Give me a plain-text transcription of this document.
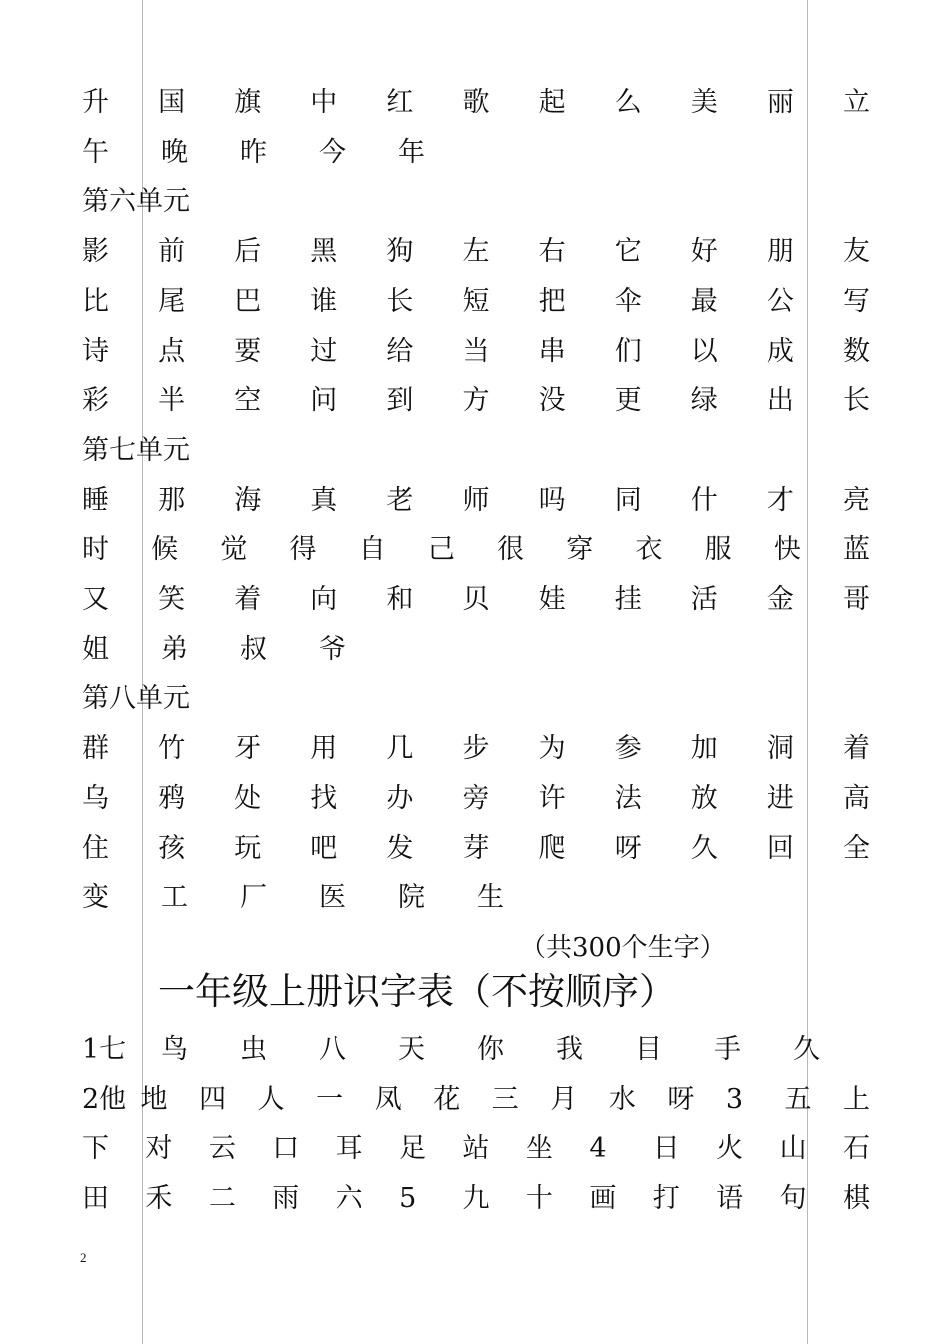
升 国 旗 中 红 歌 起 么 美 丽 立
午 晚 昨 今 年
第六单元
影 前 后 黑 狗 左 右 它 好 朋 友
比 尾 巴 谁 长 短 把 伞 最 公 写
诗 点 要 过 给 当 串 们 以 成 数
彩 半 空 问 到 方 没 更 绿 出 长
第七单元
睡 那 海 真 老 师 吗 同 什 才 亮
时 候 觉 得 自 己 很 穿 衣 服 快 蓝
又 笑 着 向 和 贝 娃 挂 活 金 哥
姐 弟 叔 爷
第八单元
群 竹 牙 用 几 步 为 参 加 洞 着
乌 鸦 处 找 办 旁 许 法 放 进 高
住 孩 玩 吧 发 芽 爬 呀 久 回 全
变 工 厂 医 院 生
（共300个生字）
一年级上册识字表（不按顺序）
1七 鸟 虫 八 天 你 我 目 手 久
2他 地 四 人 一 凤 花 三 月 水 呀 3 五 上
下 对 云 口 耳 足 站 坐 4 日 火 山 石
田 禾 二 雨 六 5 九 十 画 打 语 句 棋
2
